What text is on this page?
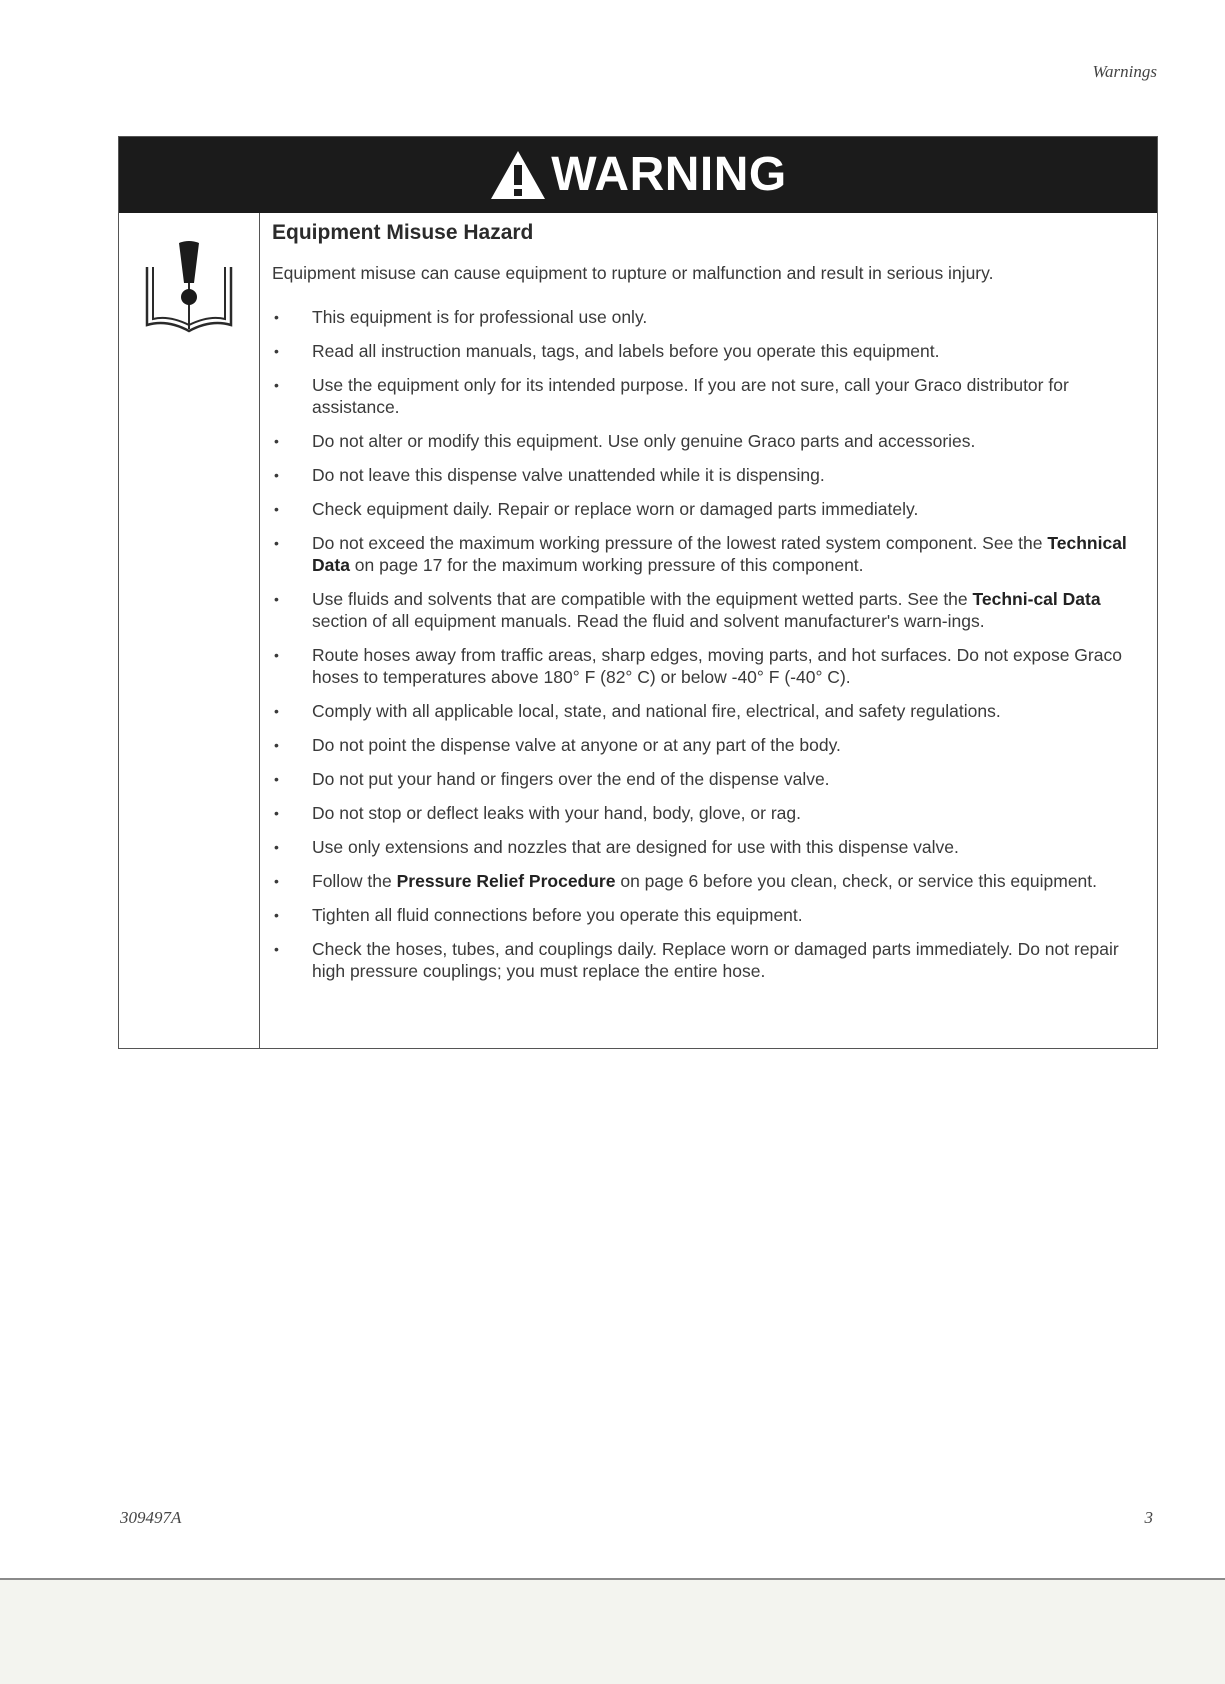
Warnings
WARNING
Equipment Misuse Hazard
Equipment misuse can cause equipment to rupture or malfunction and result in serious injury.
• This equipment is for professional use only.
• Read all instruction manuals, tags, and labels before you operate this equipment.
• Use the equipment only for its intended purpose. If you are not sure, call your Graco distributor for assistance.
• Do not alter or modify this equipment. Use only genuine Graco parts and accessories.
• Do not leave this dispense valve unattended while it is dispensing.
• Check equipment daily. Repair or replace worn or damaged parts immediately.
• Do not exceed the maximum working pressure of the lowest rated system component. See the Technical Data on page 17 for the maximum working pressure of this component.
• Use fluids and solvents that are compatible with the equipment wetted parts. See the Techni-cal Data section of all equipment manuals. Read the fluid and solvent manufacturer's warn-ings.
• Route hoses away from traffic areas, sharp edges, moving parts, and hot surfaces. Do not expose Graco hoses to temperatures above 180° F (82° C) or below -40° F (-40° C).
• Comply with all applicable local, state, and national fire, electrical, and safety regulations.
• Do not point the dispense valve at anyone or at any part of the body.
• Do not put your hand or fingers over the end of the dispense valve.
• Do not stop or deflect leaks with your hand, body, glove, or rag.
• Use only extensions and nozzles that are designed for use with this dispense valve.
• Follow the Pressure Relief Procedure on page 6 before you clean, check, or service this equipment.
• Tighten all fluid connections before you operate this equipment.
• Check the hoses, tubes, and couplings daily. Replace worn or damaged parts immediately. Do not repair high pressure couplings; you must replace the entire hose.
309497A	3
